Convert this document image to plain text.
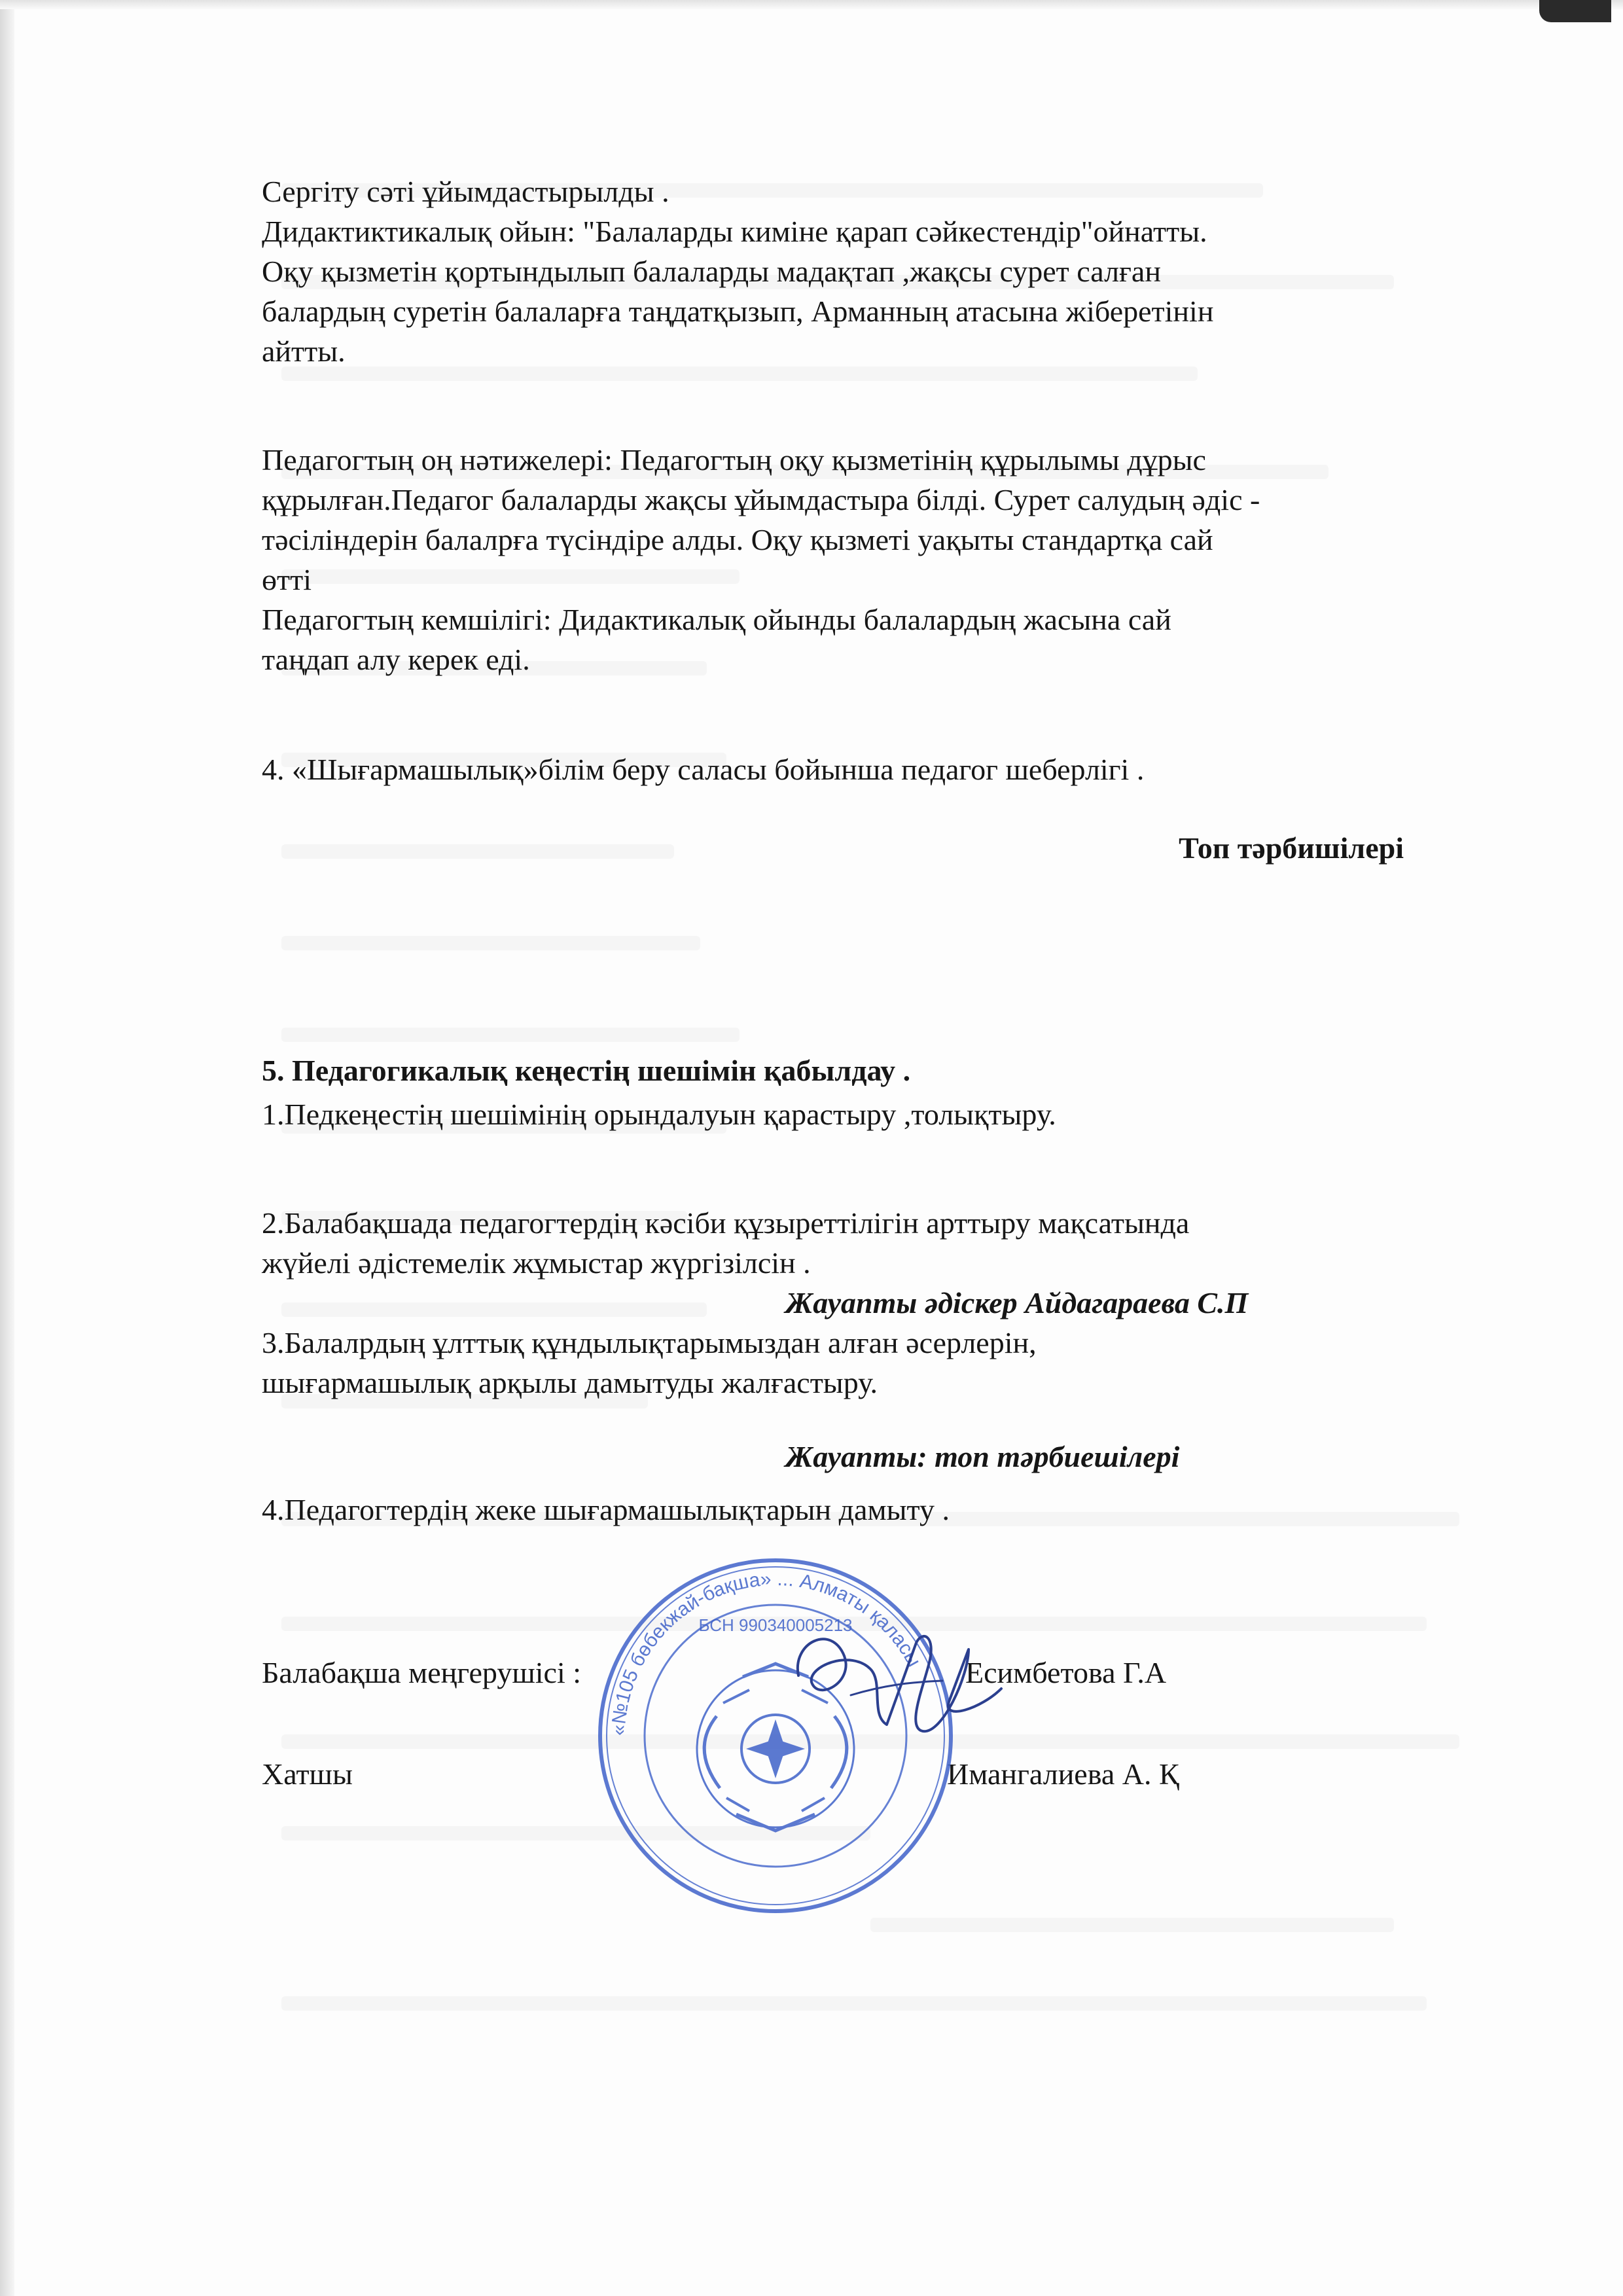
Сергіту сәті ұйымдастырылды .
Дидактиктикалық ойын: "Балаларды киміне қарап сәйкестендір"ойнатты.
Оқу қызметін қортындылып балаларды мадақтап ,жақсы сурет салған
балардың суретін балаларға таңдатқызып, Арманның атасына жіберетінін
айтты.
Педагогтың оң нәтижелері: Педагогтың оқу қызметінің құрылымы дұрыс
құрылған.Педагог балаларды жақсы ұйымдастыра білді. Сурет салудың әдіс -
тәсіліндерін балалрға түсіндіре алды. Оқу қызметі уақыты стандартқа сай
өтті
Педагогтың кемшілігі: Дидактикалық ойынды балалардың жасына сай
таңдап алу керек еді.
4. «Шығармашылық»білім беру саласы бойынша педагог шеберлігі .
Топ тәрбишілері
5. Педагогикалық кеңестің шешімін қабылдау .
1.Педкеңестің шешімінің орындалуын қарастыру ,толықтыру.
2.Балабақшада педагогтердің кәсіби құзыреттілігін арттыру мақсатында
жүйелі әдістемелік жұмыстар жүргізілсін .
Жауапты әдіскер Айдагараева С.П
3.Балалрдың ұлттық құндылықтарымыздан алған әсерлерін,
шығармашылық арқылы дамытуды жалғастыру.
Жауапты: топ тәрбиешілері
4.Педагогтердің жеке шығармашылықтарын дамыту .
Балабақша меңгерушісі :	Есимбетова Г.А
Хатшы	Имангалиева А. Қ
«№105 бөбекжай-бақша» ... Алматы қаласы
БСН 990340005213
